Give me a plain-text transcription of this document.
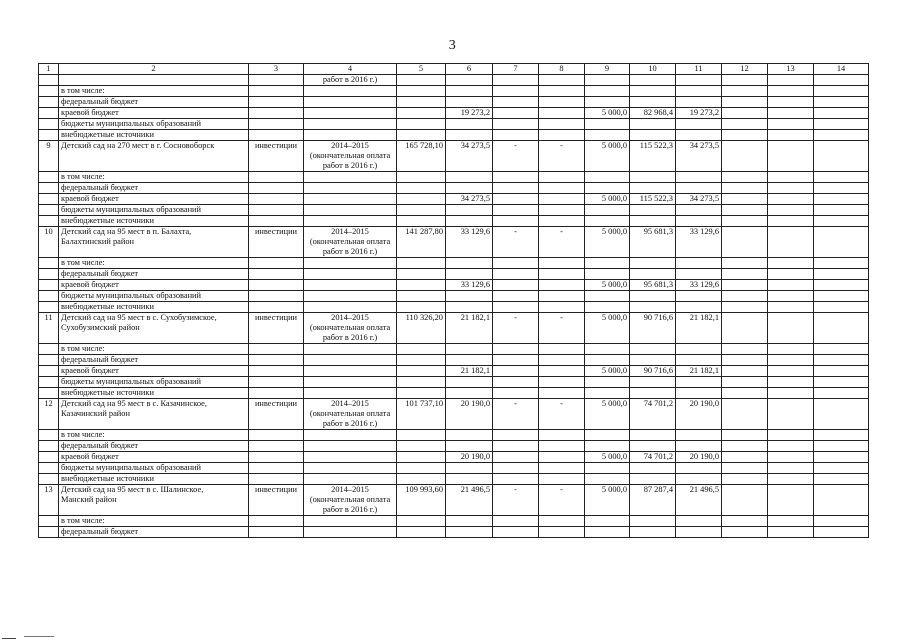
3
1	2	3	4	5	6	7	8	9	10	11	12	13	14
			работ в 2016 г.)										
	в том числе:												
	федеральный бюджет												
	краевой бюджет				19 273,2			5 000,0	82 968,4	19 273,2			
	бюджеты муниципальных образований												
	внебюджетные источники												
9	Детский сад на 270 мест в г. Сосновоборск	инвестиции	2014–2015	165 728,10	34 273,5	-	-	5 000,0	115 522,3	34 273,5			
			(окончательная оплата										
			работ в 2016 г.)										
	в том числе:												
	федеральный бюджет												
	краевой бюджет				34 273,5			5 000,0	115 522,3	34 273,5			
	бюджеты муниципальных образований												
	внебюджетные источники												
10	Детский сад на 95 мест в п. Балахта,	инвестиции	2014–2015	141 287,80	33 129,6	-	-	5 000,0	95 681,3	33 129,6			
	Балахтинский район		(окончательная оплата										
			работ в 2016 г.)										
	в том числе:												
	федеральный бюджет												
	краевой бюджет				33 129,6			5 000,0	95 681,3	33 129,6			
	бюджеты муниципальных образований												
	внебюджетные источники												
11	Детский сад на 95 мест в с. Сухобузимское,	инвестиции	2014–2015	110 326,20	21 182,1	-	-	5 000,0	90 716,6	21 182,1			
	Сухобузимский район		(окончательная оплата										
			работ в 2016 г.)										
	в том числе:												
	федеральный бюджет												
	краевой бюджет				21 182,1			5 000,0	90 716,6	21 182,1			
	бюджеты муниципальных образований												
	внебюджетные источники												
12	Детский сад на 95 мест в с. Казачинское,	инвестиции	2014–2015	101 737,10	20 190,0	-	-	5 000,0	74 701,2	20 190,0			
	Казачинский район		(окончательная оплата										
			работ в 2016 г.)										
	в том числе:												
	федеральный бюджет												
	краевой бюджет				20 190,0			5 000,0	74 701,2	20 190,0			
	бюджеты муниципальных образований												
	внебюджетные источники												
13	Детский сад на 95 мест в с. Шалинское,	инвестиции	2014–2015	109 993,60	21 496,5	-	-	5 000,0	87 287,4	21 496,5			
	Манский район		(окончательная оплата										
			работ в 2016 г.)										
	в том числе:												
	федеральный бюджет												
